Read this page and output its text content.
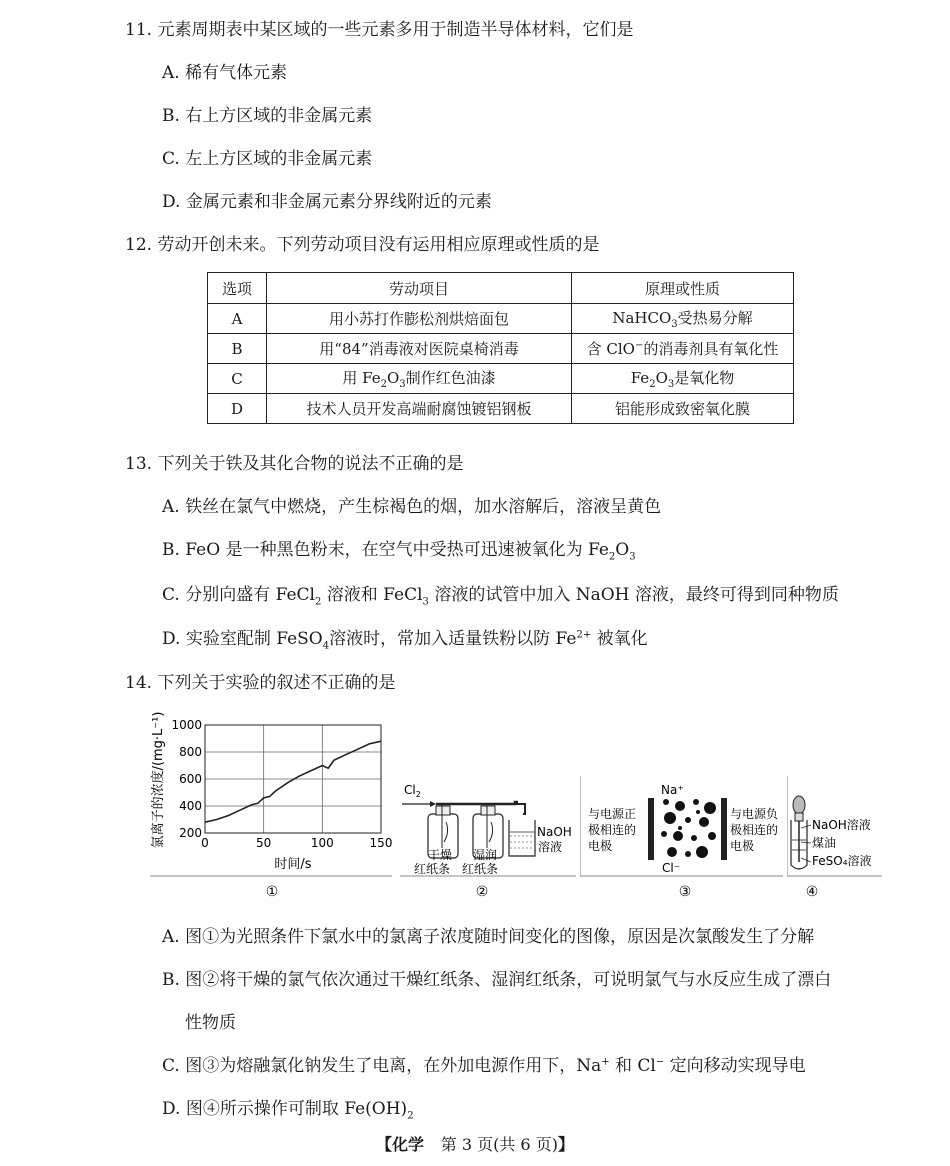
11. 元素周期表中某区域的一些元素多用于制造半导体材料，它们是
A. 稀有气体元素
B. 右上方区域的非金属元素
C. 左上方区域的非金属元素
D. 金属元素和非金属元素分界线附近的元素
12. 劳动开创未来。下列劳动项目没有运用相应原理或性质的是
选项	劳动项目	原理或性质
A	用小苏打作膨松剂烘焙面包	NaHCO$_3$受热易分解
B	用“84”消毒液对医院桌椅消毒	含 ClO−的消毒剂具有氧化性
C	用 $Fe_2O_3$制作红色油漆	$Fe_2O_3$是氧化物
D	技术人员开发高端耐腐蚀镀铝钢板	铝能形成致密氧化膜
13. 下列关于铁及其化合物的说法不正确的是
A. 铁丝在氯气中燃烧，产生棕褐色的烟，加水溶解后，溶液呈黄色
B. FeO 是一种黑色粉末，在空气中受热可迅速被氧化为 $Fe_2O_3$
C. 分别向盛有 FeCl$_2$ 溶液和 FeCl$_3$ 溶液的试管中加入 NaOH 溶液，最终可得到同种物质
D. 实验室配制 FeSO$_4$溶液时，常加入适量铁粉以防 $Fe^{2+}$ 被氧化
14. 下列关于实验的叙述不正确的是
1000
800
600
400
200
0	50	100	150
氯离子的浓度/(mg·L⁻¹)
时间/s
①
$Cl_2$
NaOH
溶液
干燥 湿润
红纸条 红纸条
②
与电源正
极相连的
电极
Na⁺
Cl⁻
与电源负
极相连的
电极
③
NaOH溶液
煤油
FeSO₄溶液
④
A. 图①为光照条件下氯水中的氯离子浓度随时间变化的图像，原因是次氯酸发生了分解
B. 图②将干燥的氯气依次通过干燥红纸条、湿润红纸条，可说明氯气与水反应生成了漂白
性物质
C. 图③为熔融氯化钠发生了电离，在外加电源作用下，Na+ 和 Cl− 定向移动实现导电
D. 图④所示操作可制取 $Fe(OH)_2$
【化学 第 3 页(共 6 页)】
